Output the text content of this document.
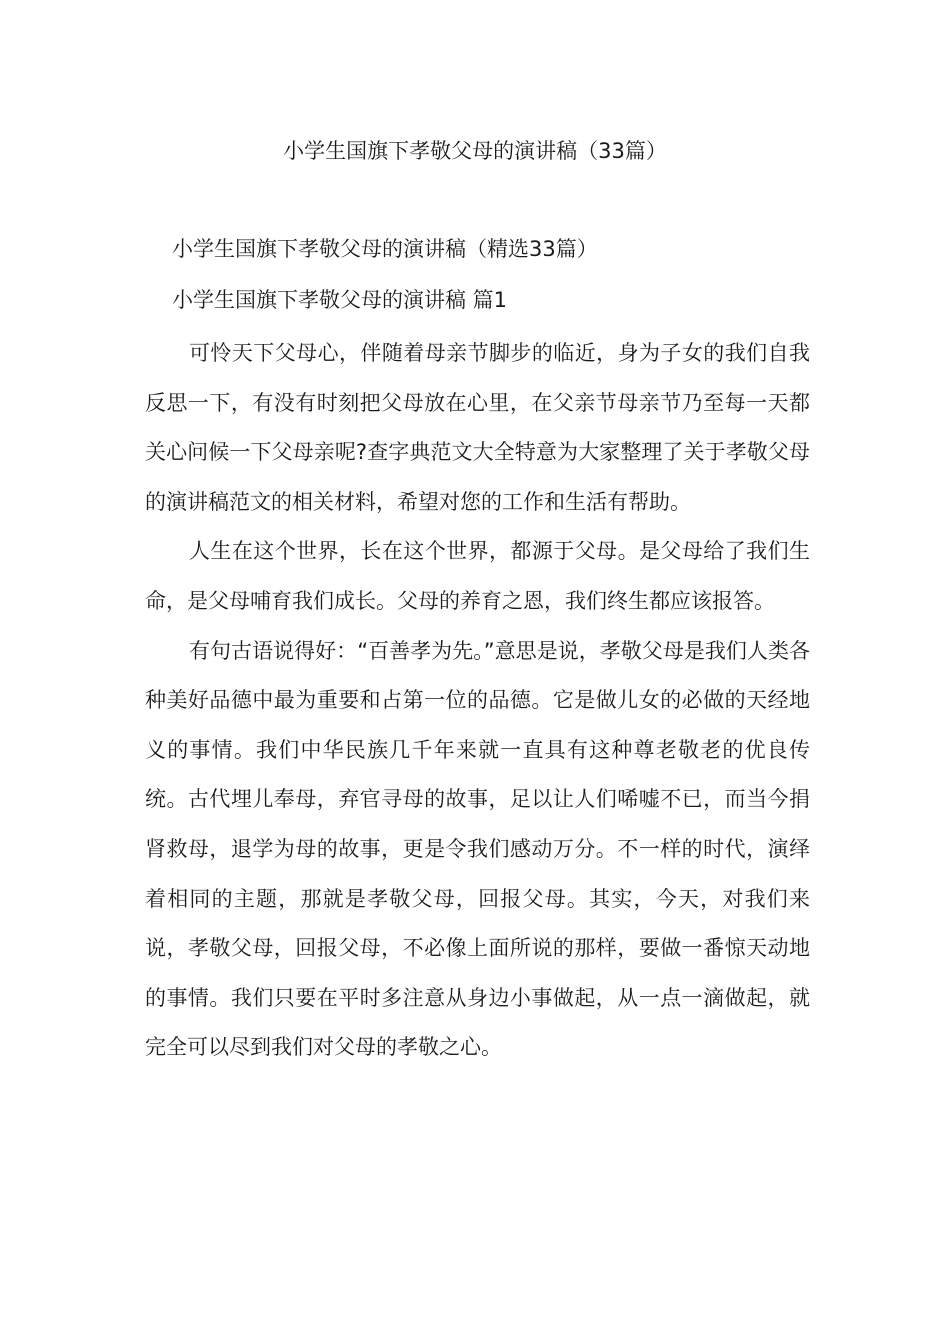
小学生国旗下孝敬父母的演讲稿（33篇）
小学生国旗下孝敬父母的演讲稿（精选33篇）
小学生国旗下孝敬父母的演讲稿 篇1

可怜天下父母心，伴随着母亲节脚步的临近，身为子女的我们自我反思一下，有没有时刻把父母放在心里，在父亲节母亲节乃至每一天都关心问候一下父母亲呢?查字典范文大全特意为大家整理了关于孝敬父母的演讲稿范文的相关材料，希望对您的工作和生活有帮助。

人生在这个世界，长在这个世界，都源于父母。是父母给了我们生命，是父母哺育我们成长。父母的养育之恩，我们终生都应该报答。

有句古语说得好：“百善孝为先。”意思是说，孝敬父母是我们人类各种美好品德中最为重要和占第一位的品德。它是做儿女的必做的天经地义的事情。我们中华民族几千年来就一直具有这种尊老敬老的优良传统。古代埋儿奉母，弃官寻母的故事，足以让人们唏嘘不已，而当今捐肾救母，退学为母的故事，更是令我们感动万分。不一样的时代，演绎着相同的主题，那就是孝敬父母，回报父母。其实，今天，对我们来说，孝敬父母，回报父母，不必像上面所说的那样，要做一番惊天动地的事情。我们只要在平时多注意从身边小事做起，从一点一滴做起，就完全可以尽到我们对父母的孝敬之心。
